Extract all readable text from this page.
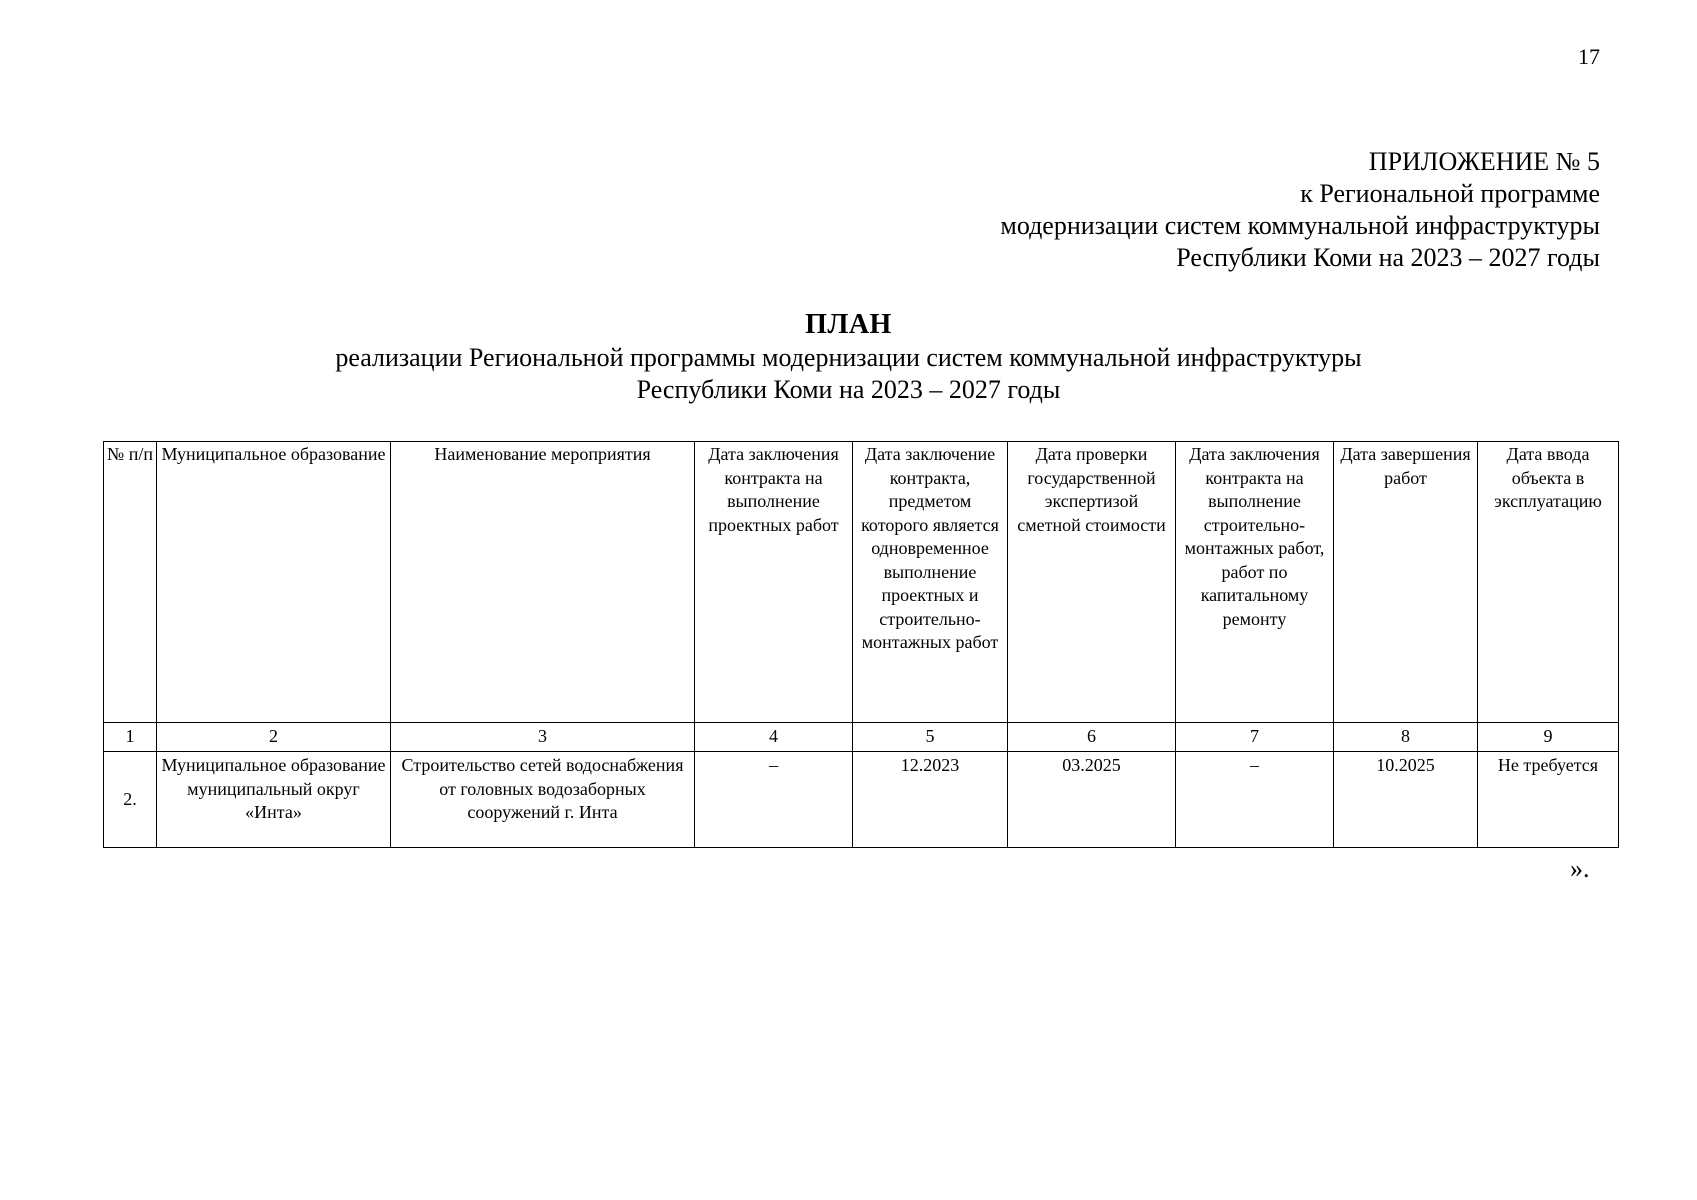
17
ПРИЛОЖЕНИЕ № 5
к Региональной программе
модернизации систем коммунальной инфраструктуры
Республики Коми на 2023 – 2027 годы
ПЛАН
реализации Региональной программы модернизации систем коммунальной инфраструктуры
Республики Коми на 2023 – 2027 годы
№ п/п	Муниципальное образование	Наименование мероприятия	Дата заключения контракта на выполнение проектных работ	Дата заключение контракта, предметом которого является одновременное выполнение проектных и строительно-монтажных работ	Дата проверки государственной экспертизой сметной стоимости	Дата заключения контракта на выполнение строительно-монтажных работ, работ по капитальному ремонту	Дата завершения работ	Дата ввода объекта в эксплуатацию
1	2	3	4	5	6	7	8	9
2.	Муниципальное образование муниципальный округ «Инта»	Строительство сетей водоснабжения от головных водозаборных сооружений г. Инта	–	12.2023	03.2025	–	10.2025	Не требуется
».
